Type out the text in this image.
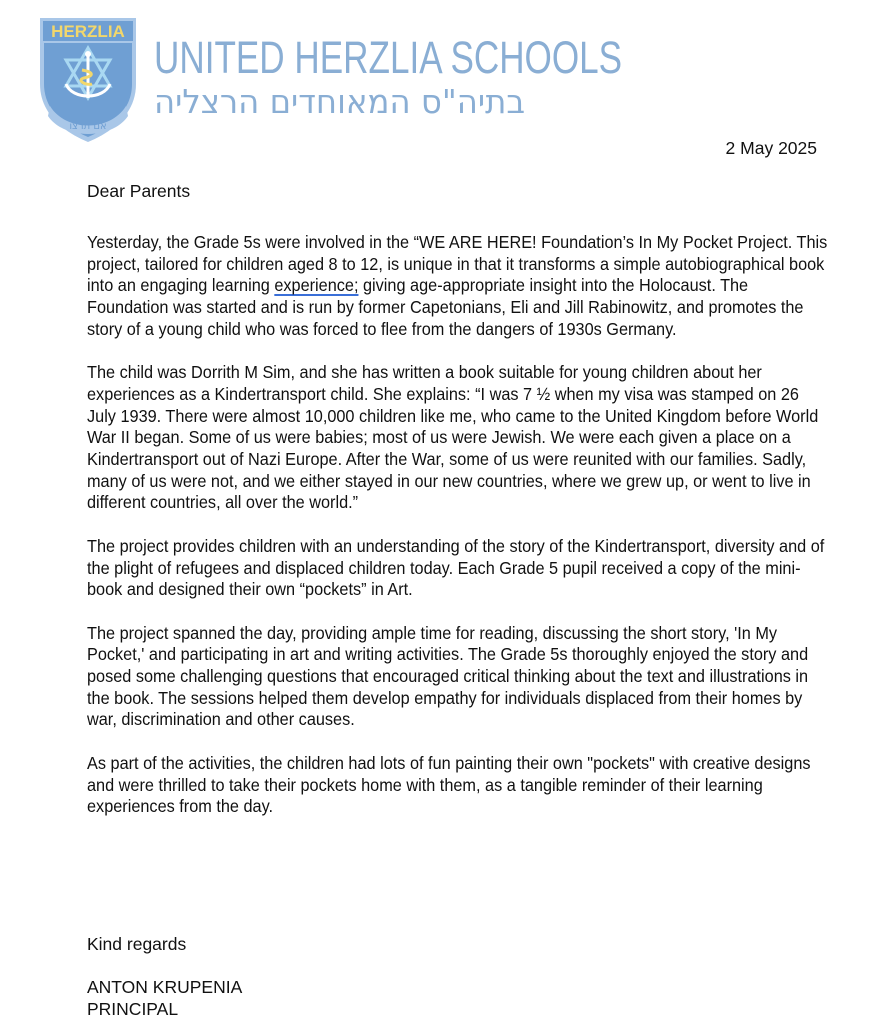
HERZLIA
אם תרצו
UNITED HERZLIA SCHOOLS
בתיה"ס המאוחדים הרצליה
2 May 2025
Dear Parents

Yesterday, the Grade 5s were involved in the “WE ARE HERE! Foundation’s In My Pocket Project. This project, tailored for children aged 8 to 12, is unique in that it transforms a simple autobiographical book into an engaging learning experience; giving age-appropriate insight into the Holocaust. The Foundation was started and is run by former Capetonians, Eli and Jill Rabinowitz, and promotes the story of a young child who was forced to flee from the dangers of 1930s Germany.

The child was Dorrith M Sim, and she has written a book suitable for young children about her experiences as a Kindertransport child. She explains: “I was 7 ½ when my visa was stamped on 26 July 1939. There were almost 10,000 children like me, who came to the United Kingdom before World War II began. Some of us were babies; most of us were Jewish. We were each given a place on a Kindertransport out of Nazi Europe. After the War, some of us were reunited with our families. Sadly, many of us were not, and we either stayed in our new countries, where we grew up, or went to live in different countries, all over the world.”

The project provides children with an understanding of the story of the Kindertransport, diversity and of the plight of refugees and displaced children today. Each Grade 5 pupil received a copy of the mini-book and designed their own “pockets” in Art.

The project spanned the day, providing ample time for reading, discussing the short story, 'In My Pocket,' and participating in art and writing activities. The Grade 5s thoroughly enjoyed the story and posed some challenging questions that encouraged critical thinking about the text and illustrations in the book. The sessions helped them develop empathy for individuals displaced from their homes by war, discrimination and other causes.

As part of the activities, the children had lots of fun painting their own "pockets" with creative designs and were thrilled to take their pockets home with them, as a tangible reminder of their learning experiences from the day.

Kind regards
ANTON KRUPENIA
PRINCIPAL
